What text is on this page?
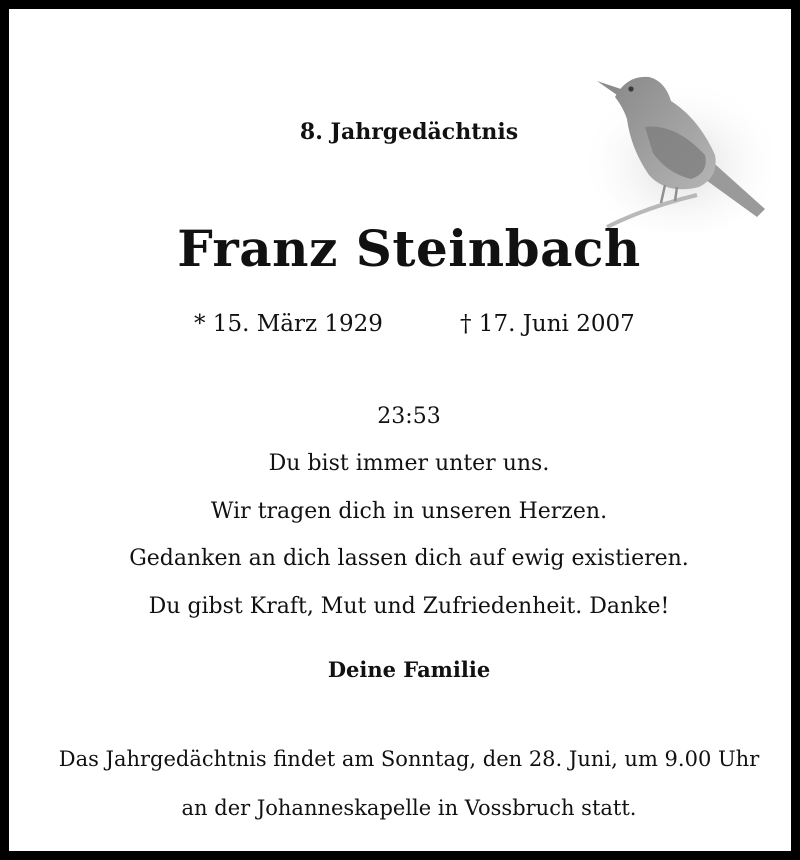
8. Jahrgedächtnis
Franz Steinbach
* 15. März 1929	† 17. Juni 2007
23:53
Du bist immer unter uns.
Wir tragen dich in unseren Herzen.
Gedanken an dich lassen dich auf ewig existieren.
Du gibst Kraft, Mut und Zufriedenheit. Danke!
Deine Familie
Das Jahrgedächtnis findet am Sonntag, den 28. Juni, um 9.00 Uhr
an der Johanneskapelle in Vossbruch statt.
